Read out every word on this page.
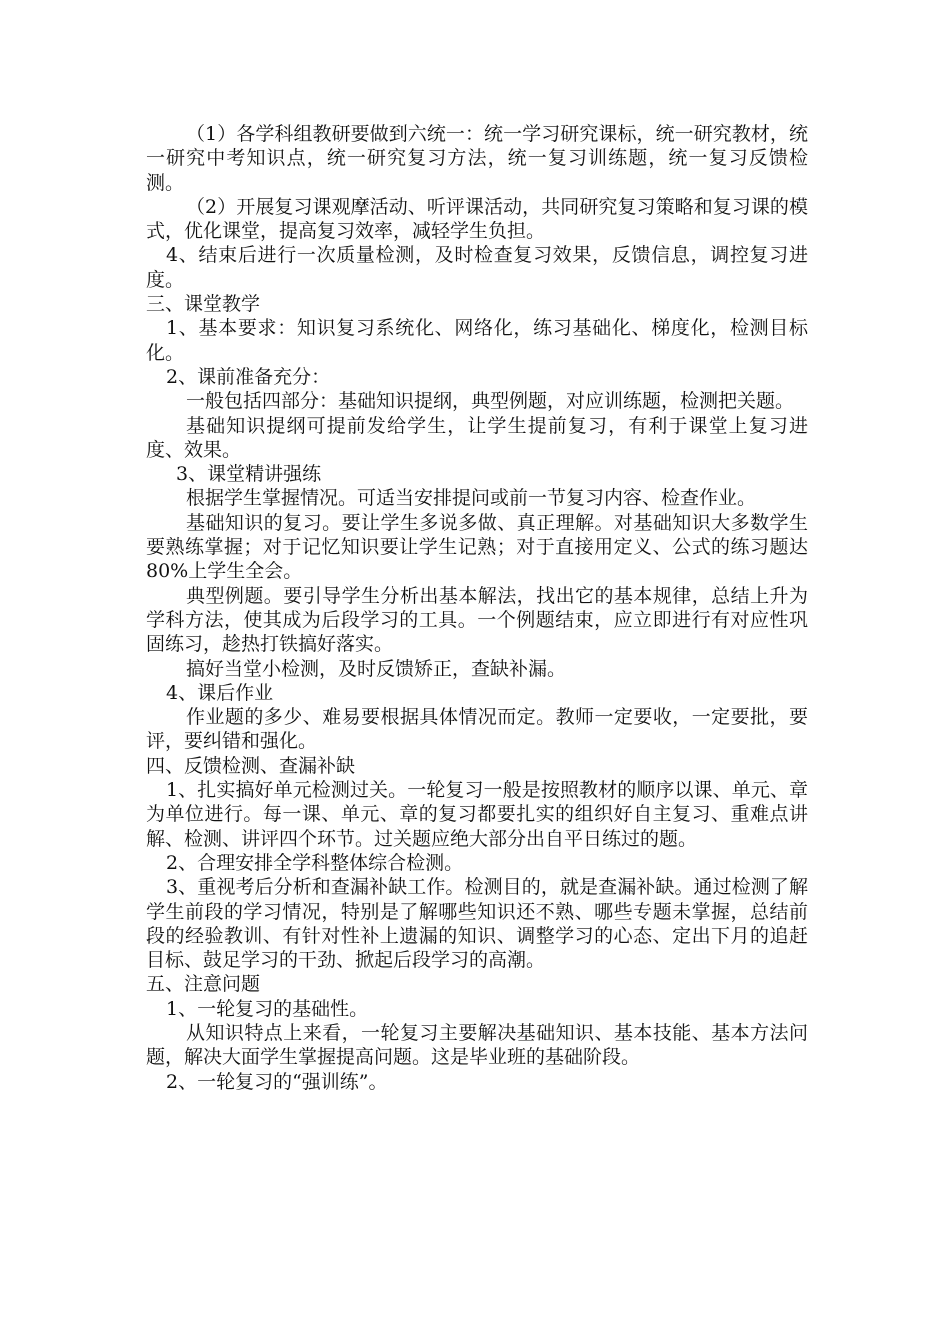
（1）各学科组教研要做到六统一：统一学习研究课标，统一研究教材，统一研究中考知识点，统一研究复习方法，统一复习训练题，统一复习反馈检测。

（2）开展复习课观摩活动、听评课活动，共同研究复习策略和复习课的模式，优化课堂，提高复习效率，减轻学生负担。

4、结束后进行一次质量检测，及时检查复习效果，反馈信息，调控复习进度。

三、课堂教学

1、基本要求：知识复习系统化、网络化，练习基础化、梯度化，检测目标化。

2、课前准备充分：

一般包括四部分：基础知识提纲，典型例题，对应训练题，检测把关题。

基础知识提纲可提前发给学生，让学生提前复习，有利于课堂上复习进度、效果。

3、课堂精讲强练

根据学生掌握情况。可适当安排提问或前一节复习内容、检查作业。

基础知识的复习。要让学生多说多做、真正理解。对基础知识大多数学生要熟练掌握；对于记忆知识要让学生记熟；对于直接用定义、公式的练习题达 80%上学生全会。

典型例题。要引导学生分析出基本解法，找出它的基本规律，总结上升为学科方法，使其成为后段学习的工具。一个例题结束，应立即进行有对应性巩固练习，趁热打铁搞好落实。

搞好当堂小检测，及时反馈矫正，查缺补漏。

4、课后作业

作业题的多少、难易要根据具体情况而定。教师一定要收，一定要批，要评，要纠错和强化。

四、反馈检测、查漏补缺

1、扎实搞好单元检测过关。一轮复习一般是按照教材的顺序以课、单元、章为单位进行。每一课、单元、章的复习都要扎实的组织好自主复习、重难点讲解、检测、讲评四个环节。过关题应绝大部分出自平日练过的题。

2、合理安排全学科整体综合检测。

3、重视考后分析和查漏补缺工作。检测目的，就是查漏补缺。通过检测了解学生前段的学习情况，特别是了解哪些知识还不熟、哪些专题未掌握，总结前段的经验教训、有针对性补上遗漏的知识、调整学习的心态、定出下月的追赶目标、鼓足学习的干劲、掀起后段学习的高潮。

五、注意问题

1、一轮复习的基础性。

从知识特点上来看，一轮复习主要解决基础知识、基本技能、基本方法问题，解决大面学生掌握提高问题。这是毕业班的基础阶段。

2、一轮复习的“强训练”。
